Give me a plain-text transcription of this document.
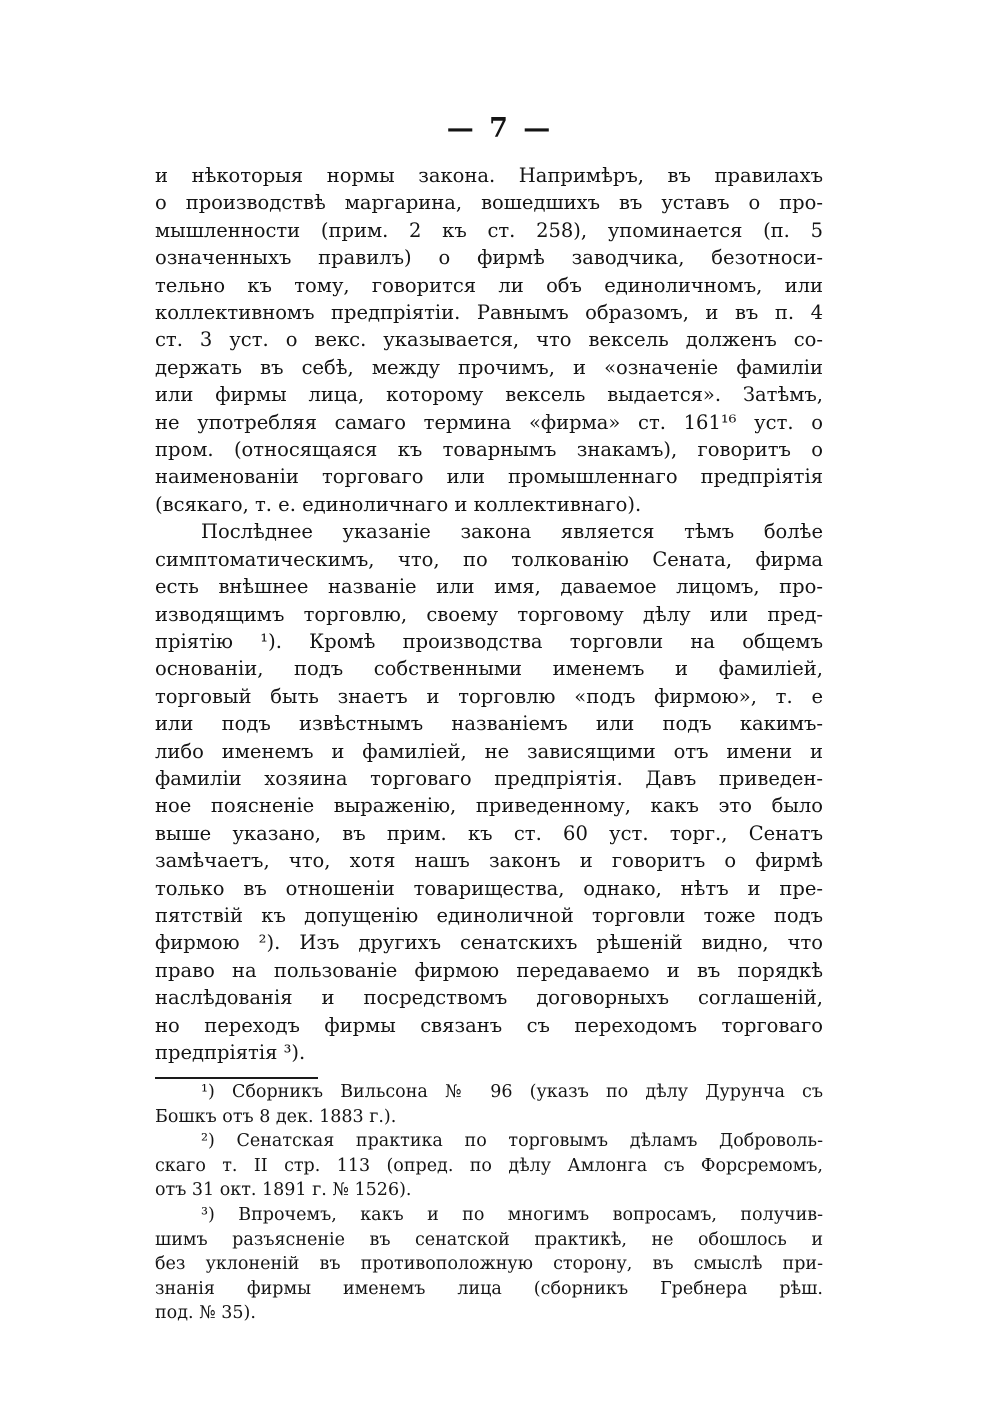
— 7 —

и нѣкоторыя нормы закона. Напримѣръ, въ правилахъ
о производствѣ маргарина, вошедшихъ въ уставъ о про-
мышленности (прим. 2 къ ст. 258), упоминается (п. 5
означенныхъ правилъ) о фирмѣ заводчика, безотноси-
тельно къ тому, говорится ли объ единоличномъ, или
коллективномъ предпріятіи. Равнымъ образомъ, и въ п. 4
ст. 3 уст. о векс. указывается, что вексель долженъ со-
держать въ себѣ, между прочимъ, и «означеніе фамиліи
или фирмы лица, которому вексель выдается». Затѣмъ,
не употребляя самаго термина «фирма» ст. 161¹⁶ уст. о
пром. (относящаяся къ товарнымъ знакамъ), говоритъ о
наименованіи торговаго или промышленнаго предпріятія
(всякаго, т. е. единоличнаго и коллективнаго).

Послѣднее указаніе закона является тѣмъ болѣе
симптоматическимъ, что, по толкованію Сената, фирма
есть внѣшнее названіе или имя, даваемое лицомъ, про-
изводящимъ торговлю, своему торговому дѣлу или пред-
пріятію ¹). Кромѣ производства торговли на общемъ
основаніи, подъ собственными именемъ и фамиліей,
торговый быть знаетъ и торговлю «подъ фирмою», т. е
или подъ извѣстнымъ названіемъ или подъ какимъ-
либо именемъ и фамиліей, не зависящими отъ имени и
фамиліи хозяина торговаго предпріятія. Давъ приведен-
ное поясненіе выраженію, приведенному, какъ это было
выше указано, въ прим. къ ст. 60 уст. торг., Сенатъ
замѣчаетъ, что, хотя нашъ законъ и говоритъ о фирмѣ
только въ отношеніи товарищества, однако, нѣтъ и пре-
пятствій къ допущенію единоличной торговли тоже подъ
фирмою ²). Изъ другихъ сенатскихъ рѣшеній видно, что
право на пользованіе фирмою передаваемо и въ порядкѣ
наслѣдованія и посредствомъ договорныхъ соглашеній,
но переходъ фирмы связанъ съ переходомъ торговаго
предпріятія ³).

¹) Сборникъ Вильсона № 96 (указъ по дѣлу Дурунча съ
Бошкъ отъ 8 дек. 1883 г.).

²) Сенатская практика по торговымъ дѣламъ Доброволь-
скаго т. II стр. 113 (опред. по дѣлу Амлонга съ Форсремомъ,
отъ 31 окт. 1891 г. № 1526).

³) Впрочемъ, какъ и по многимъ вопросамъ, получив-
шимъ разъясненіе въ сенатской практикѣ, не обошлось и
без уклоненій въ противоположную сторону, въ смыслѣ при-
знанія фирмы именемъ лица (сборникъ Гребнера рѣш.
под. № 35).
